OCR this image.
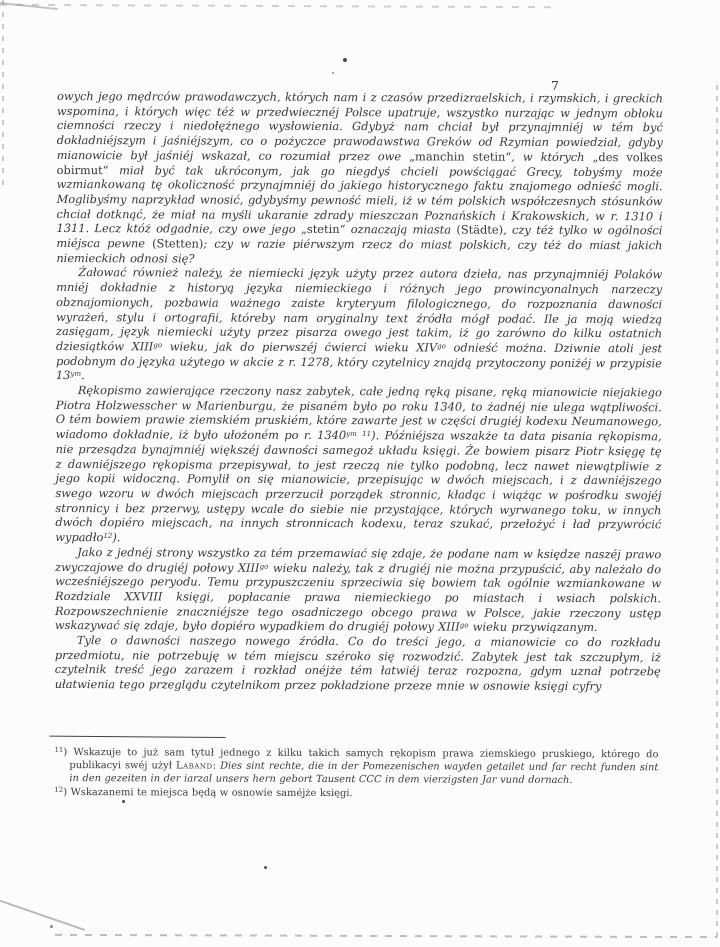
7

owych jego mędrców prawodawczych, których nam i z czasów przedizraelskich, i rzymskich, i greckich wspomina, i których więc téż w przedwiecznéj Polsce upatruje, wszystko nurzając w jednym obłoku ciemności rzeczy i niedołężnego wysłowienia. Gdybyż nam chciał był przynajmniéj w tém być dokładniéjszym i jaśniéjszym, co o pożyczce prawodawstwa Greków od Rzymian powiedział, gdyby mianowicie był jaśniéj wskazał, co rozumiał przez owe „manchin stetin“, w których „des volkes obirmut“ miał być tak ukróconym, jak go niegdyś chcieli powściągać Grecy, tobyśmy może wzmiankowaną tę okoliczność przynajmniéj do jakiego historycznego faktu znajomego odnieść mogli. Moglibyśmy naprzykład wnosić, gdybyśmy pewność mieli, iż w tém polskich współczesnych stósunków chciał dotknąć, że miał na myśli ukaranie zdrady mieszczan Poznańskich i Krakowskich, w r. 1310 i 1311. Lecz któż odgadnie, czy owe jego „stetin“ oznaczają miasta (Städte), czy téż tylko w ogólności miéjsca pewne (Stetten); czy w razie piérwszym rzecz do miast polskich, czy téż do miast jakich niemieckich odnosi się?

Żałować również należy, że niemiecki język użyty przez autora dzieła, nas przynajmniéj Polaków mniéj dokładnie z historyą języka niemieckiego i różnych jego prowincyonalnych narzeczy obznajomionych, pozbawia ważnego zaiste kryteryum filologicznego, do rozpoznania dawności wyrażeń, stylu i ortografii, któreby nam oryginalny text źródła mógł podać. Ile ja moją wiedzą zasięgam, język niemiecki użyty przez pisarza owego jest takim, iż go zarówno do kilku ostatnich dziesiątków $XIII^{go}$ wieku, jak do pierwszéj ćwierci wieku $XIV^{go}$ odnieść można. Dziwnie atoli jest podobnym do języka użytego w akcie z r. 1278, który czytelnicy znajdą przytoczony poniżéj w przypisie $13^{ym}$.

Rękopismo zawierające rzeczony nasz zabytek, całe jedną ręką pisane, ręką mianowicie niejakiego Piotra Holzwesscher w Marienburgu, że pisaném było po roku 1340, to żadnéj nie ulega wątpliwości. O tém bowiem prawie ziemskiém pruskiém, które zawarte jest w części drugiéj kodexu Neumanowego, wiadomo dokładnie, iż było ułożoném po r. $1340^{ym}$ $^{11}$). Późniéjsza wszakże ta data pisania rękopisma, nie przesądza bynajmniéj większéj dawności samegoż układu księgi. Że bowiem pisarz Piotr księgę tę z dawniéjszego rękopisma przepisywał, to jest rzeczą nie tylko podobną, lecz nawet niewątpliwie z jego kopii widoczną. Pomylił on się mianowicie, przepisując w dwóch miejscach, i z dawniéjszego swego wzoru w dwóch miejscach przerzucił porządek stronnic, kładąc i wiążąc w pośrodku swojéj stronnicy i bez przerwy, ustępy wcale do siebie nie przystające, których wyrwanego toku, w innych dwóch dopiéro miejscach, na innych stronnicach kodexu, teraz szukać, przełożyć i ład przywrócić wypadło$^{12}$).

Jako z jednéj strony wszystko za tém przemawiać się zdaje, że podane nam w księdze naszéj prawo zwyczajowe do drugiéj połowy $XIII^{go}$ wieku należy, tak z drugiéj nie można przypuścić, aby należało do wcześniéjszego peryodu. Temu przypuszczeniu sprzeciwia się bowiem tak ogólnie wzmiankowane w Rozdziale XXVIII księgi, popłacanie prawa niemieckiego po miastach i wsiach polskich. Rozpowszechnienie znaczniéjsze tego osadniczego obcego prawa w Polsce, jakie rzeczony ustęp wskazywać się zdaje, było dopiéro wypadkiem do drugiéj połowy $XIII^{go}$ wieku przywiązanym.

Tyle o dawności naszego nowego źródła. Co do treści jego, a mianowicie co do rozkładu przedmiotu, nie potrzebuję w tém miejscu széroko się rozwodzić. Zabytek jest tak szczupłym, iż czytelnik treść jego zarazem i rozkład onéjże tém łatwiéj teraz rozpozna, gdym uznał potrzebę ułatwienia tego przeglądu czytelnikom przez pokładzione przeze mnie w osnowie księgi cyfry

$^{11}$) Wskazuje to już sam tytuł jednego z kilku takich samych rękopism prawa ziemskiego pruskiego, którego do publikacyi swéj użył Laband: Dies sint rechte, die in der Pomezenischen wayden getailet und far recht funden sint in den gezeiten in der iarzal unsers hern gebort Tausent CCC in dem vierzigsten Jar vund dornach.

$^{12}$) Wskazanemi te miejsca będą w osnowie saméjże księgi.
